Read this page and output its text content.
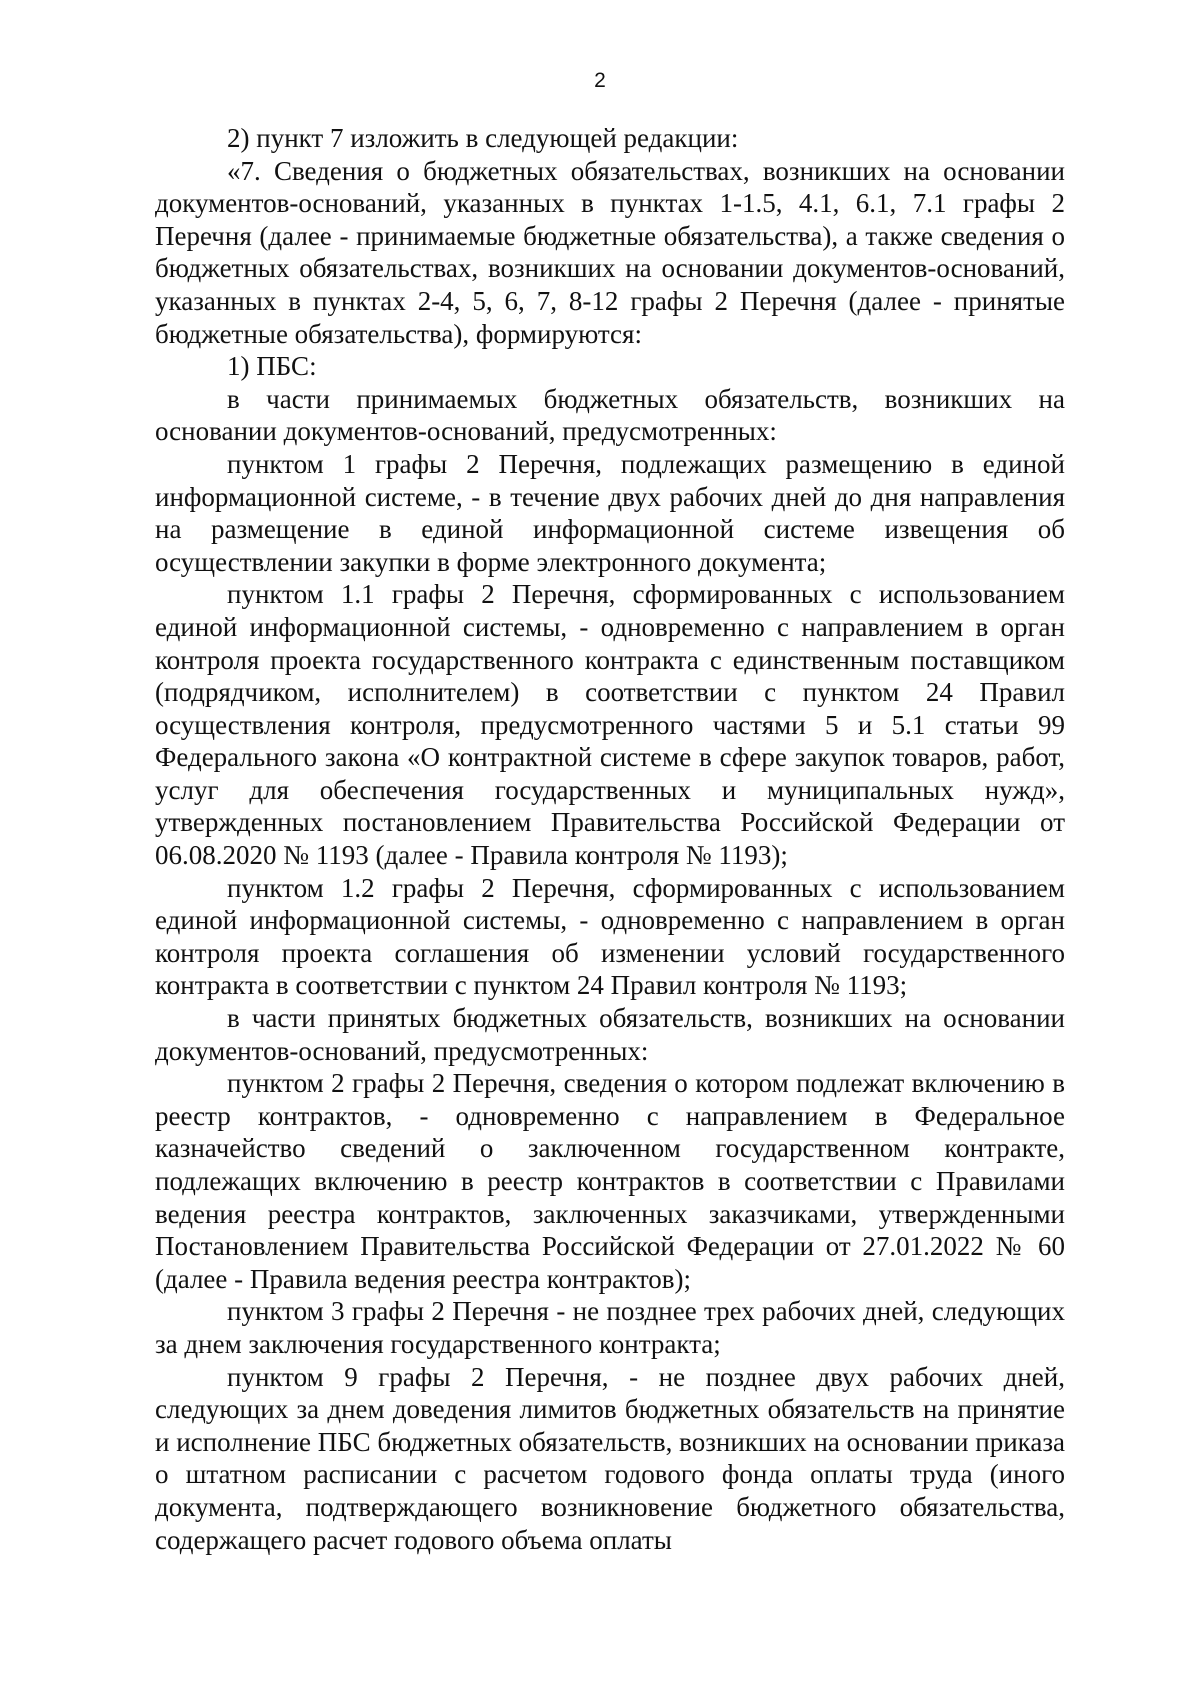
2

2) пункт 7 изложить в следующей редакции:

«7. Сведения о бюджетных обязательствах, возникших на основании документов-оснований, указанных в пунктах 1-1.5, 4.1, 6.1, 7.1 графы 2 Перечня (далее - принимаемые бюджетные обязательства), а также сведения о бюджетных обязательствах, возникших на основании документов-оснований, указанных в пунктах 2-4, 5, 6, 7, 8-12 графы 2 Перечня (далее - принятые бюджетные обязательства), формируются:

1) ПБС:

в части принимаемых бюджетных обязательств, возникших на основании документов-оснований, предусмотренных:

пунктом 1 графы 2 Перечня, подлежащих размещению в единой информационной системе, - в течение двух рабочих дней до дня направления на размещение в единой информационной системе извещения об осуществлении закупки в форме электронного документа;

пунктом 1.1 графы 2 Перечня, сформированных с использованием единой информационной системы, - одновременно с направлением в орган контроля проекта государственного контракта с единственным поставщиком (подрядчиком, исполнителем) в соответствии с пунктом 24 Правил осуществления контроля, предусмотренного частями 5 и 5.1 статьи 99 Федерального закона «О контрактной системе в сфере закупок товаров, работ, услуг для обеспечения государственных и муниципальных нужд», утвержденных постановлением Правительства Российской Федерации от 06.08.2020 № 1193 (далее - Правила контроля № 1193);

пунктом 1.2 графы 2 Перечня, сформированных с использованием единой информационной системы, - одновременно с направлением в орган контроля проекта соглашения об изменении условий государственного контракта в соответствии с пунктом 24 Правил контроля № 1193;

в части принятых бюджетных обязательств, возникших на основании документов-оснований, предусмотренных:

пунктом 2 графы 2 Перечня, сведения о котором подлежат включению в реестр контрактов, - одновременно с направлением в Федеральное казначейство сведений о заключенном государственном контракте, подлежащих включению в реестр контрактов в соответствии с Правилами ведения реестра контрактов, заключенных заказчиками, утвержденными Постановлением Правительства Российской Федерации от 27.01.2022 № 60 (далее - Правила ведения реестра контрактов);

пунктом 3 графы 2 Перечня - не позднее трех рабочих дней, следующих за днем заключения государственного контракта;

пунктом 9 графы 2 Перечня, - не позднее двух рабочих дней, следующих за днем доведения лимитов бюджетных обязательств на принятие и исполнение ПБС бюджетных обязательств, возникших на основании приказа о штатном расписании с расчетом годового фонда оплаты труда (иного документа, подтверждающего возникновение бюджетного обязательства, содержащего расчет годового объема оплаты
